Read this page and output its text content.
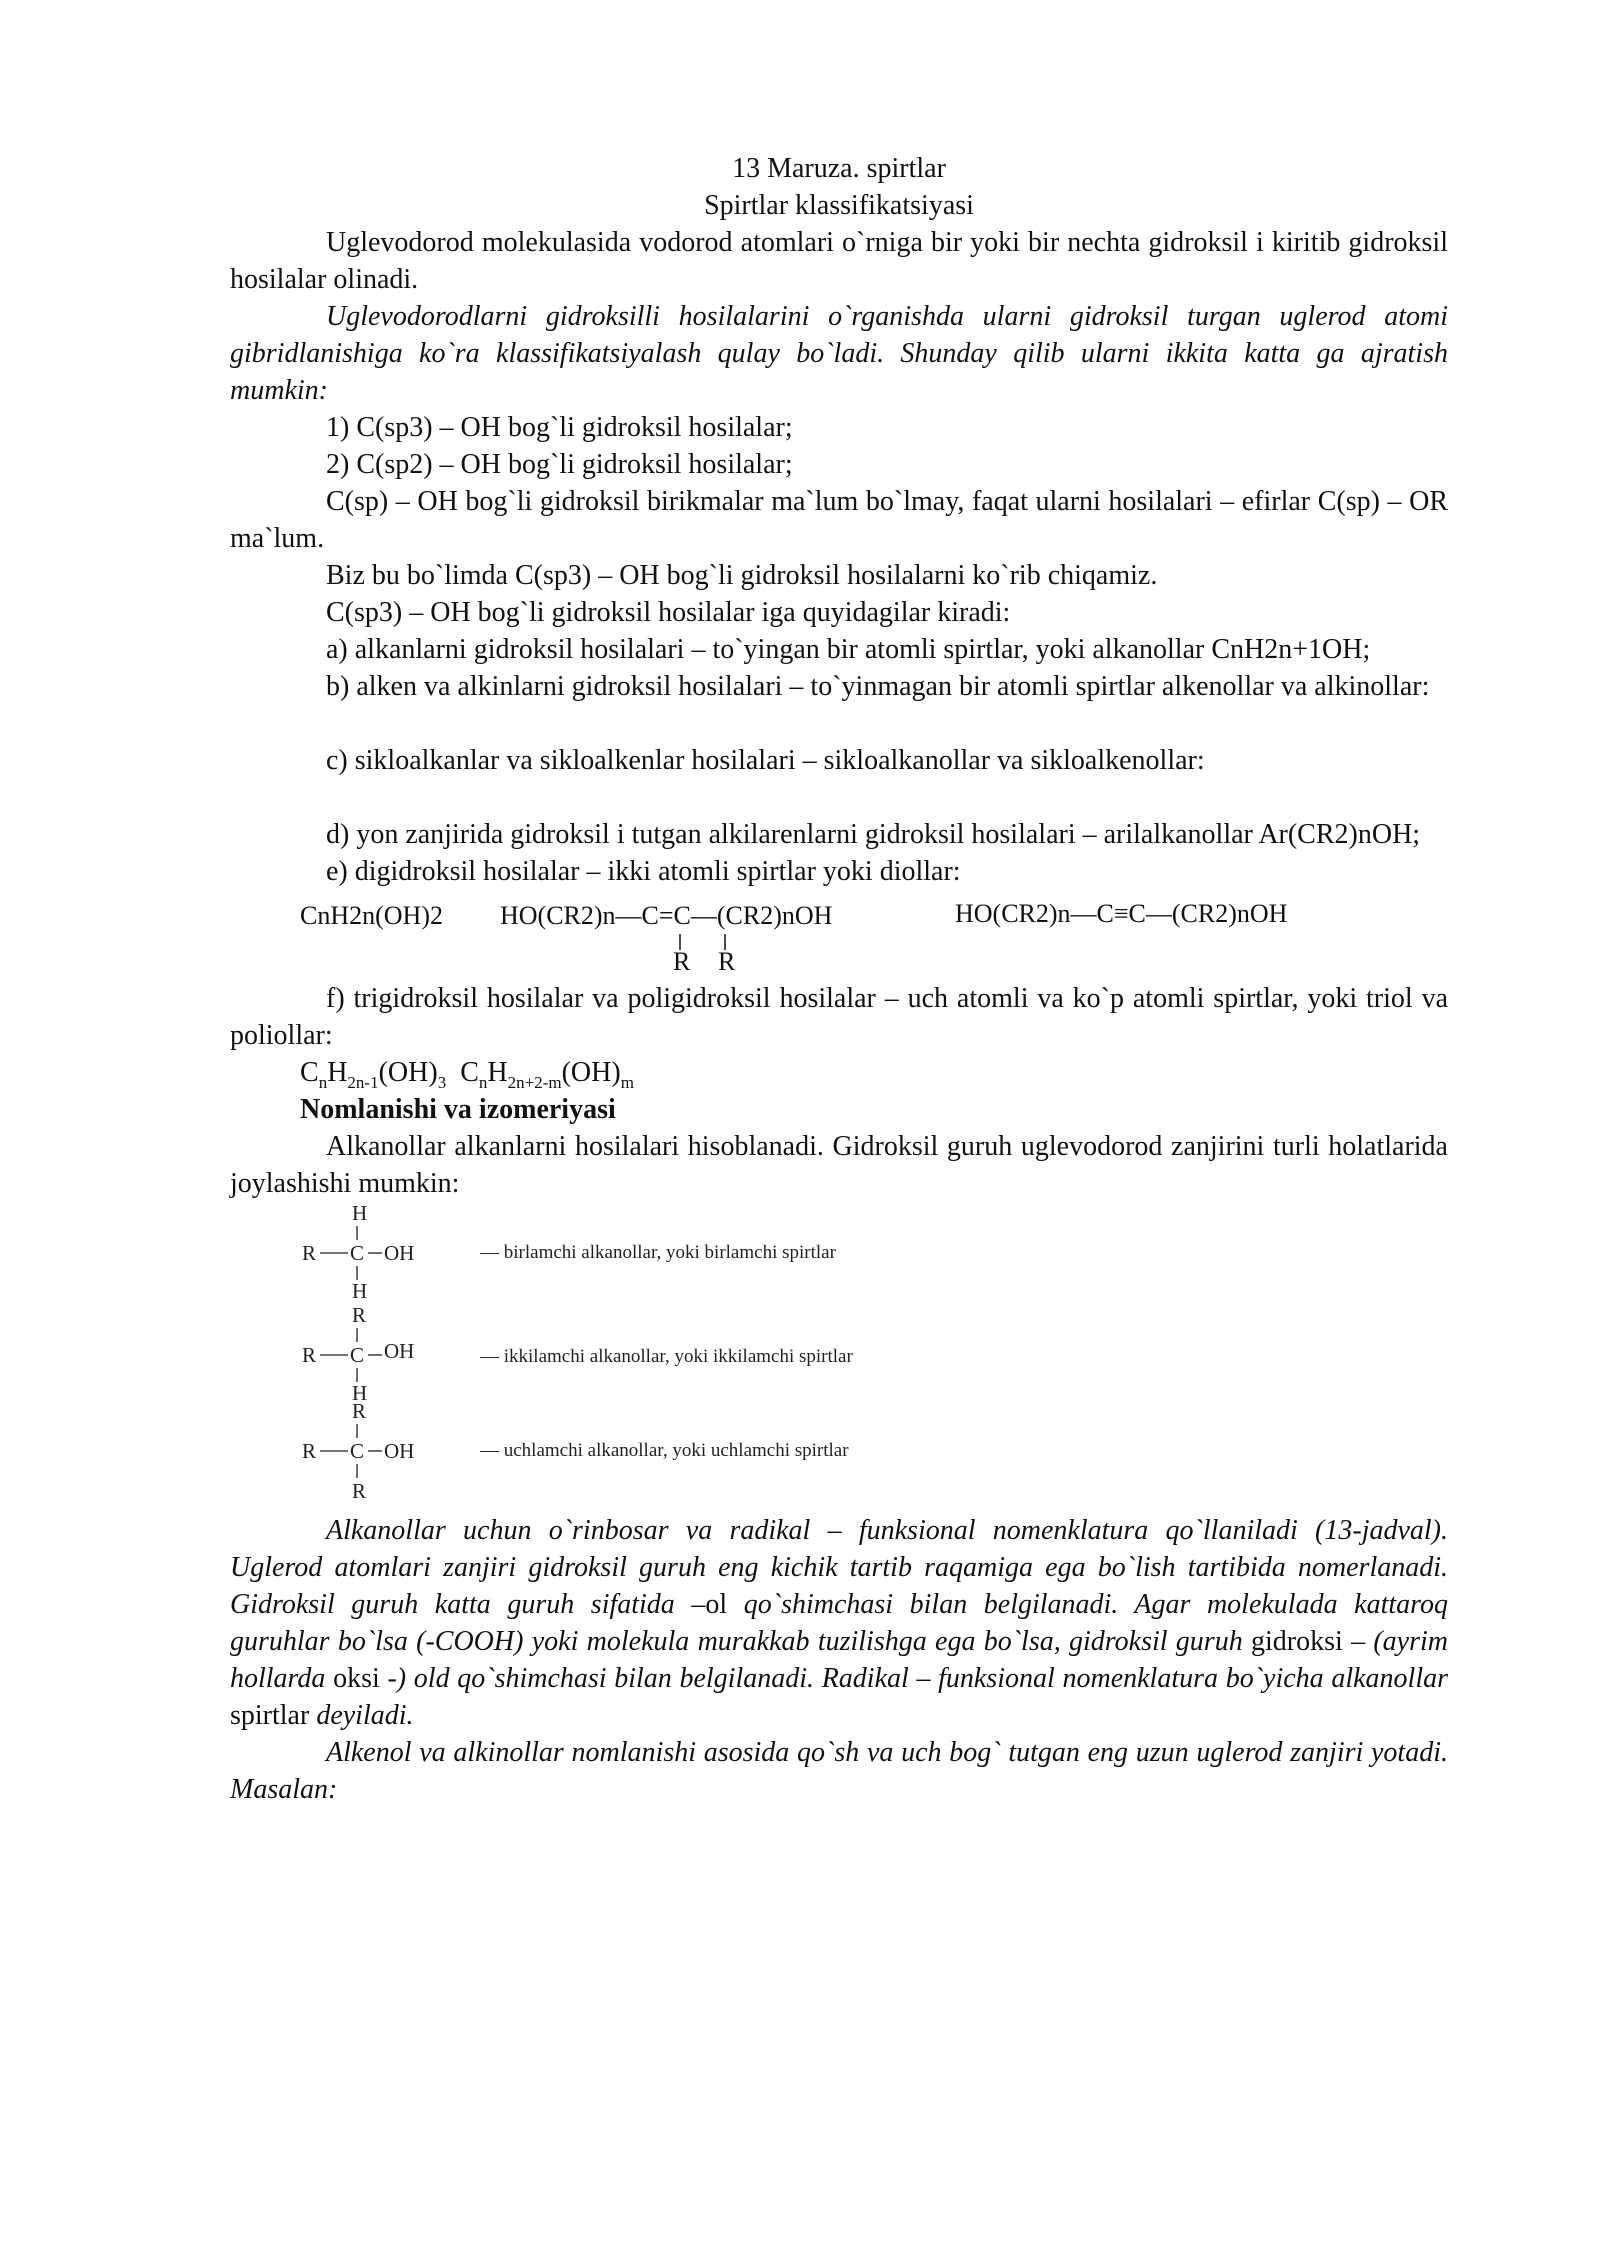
13 Maruza. spirtlar
Spirtlar klassifikatsiyasi

Uglevodorod molekulasida vodorod atomlari o`rniga bir yoki bir nechta gidroksil i kiritib gidroksil hosilalar olinadi.

Uglevodorodlarni gidroksilli hosilalarini o`rganishda ularni gidroksil turgan uglerod atomi gibridlanishiga ko`ra klassifikatsiyalash qulay bo`ladi. Shunday qilib ularni ikkita katta ga ajratish mumkin:

1) C(sp3) – OH bog`li gidroksil hosilalar;

2) C(sp2) – OH bog`li gidroksil hosilalar;

C(sp) – OH bog`li gidroksil birikmalar ma`lum bo`lmay, faqat ularni hosilalari – efirlar C(sp) – OR ma`lum.

Biz bu bo`limda C(sp3) – OH bog`li gidroksil hosilalarni ko`rib chiqamiz.

C(sp3) – OH bog`li gidroksil hosilalar iga quyidagilar kiradi:

a) alkanlarni gidroksil hosilalari – to`yingan bir atomli spirtlar, yoki alkanollar CnH2n+1OH;

b) alken va alkinlarni gidroksil hosilalari – to`yinmagan bir atomli spirtlar alkenollar va alkinollar:

c) sikloalkanlar va sikloalkenlar hosilalari – sikloalkanollar va sikloalkenollar:

d) yon zanjirida gidroksil i tutgan alkilarenlarni gidroksil hosilalari – arilalkanollar Ar(CR2)nOH;

e) digidroksil hosilalar – ikki atomli spirtlar yoki diollar:

CnH2n(OH)2 HO(CR2)n—C=C—(CR2)nOH	HO(CR2)n—C≡C—(CR2)nOH
R R

f) trigidroksil hosilalar va poligidroksil hosilalar – uch atomli va ko`p atomli spirtlar, yoki triol va poliollar:

$C_nH_{2n-1}(OH)_3$ $C_nH_{2n+2-m}(OH)_m$

Nomlanishi va izomeriyasi

Alkanollar alkanlarni hosilalari hisoblanadi. Gidroksil guruh uglevodorod zanjirini turli holatlarida joylashishi mumkin:

H
R C OH
H
— birlamchi alkanollar, yoki birlamchi spirtlar
R
R C OH
H
— ikkilamchi alkanollar, yoki ikkilamchi spirtlar
R
R C OH
R
— uchlamchi alkanollar, yoki uchlamchi spirtlar

Alkanollar uchun o`rinbosar va radikal – funksional nomenklatura qo`llaniladi (13-jadval). Uglerod atomlari zanjiri gidroksil guruh eng kichik tartib raqamiga ega bo`lish tartibida nomerlanadi. Gidroksil guruh katta guruh sifatida –ol qo`shimchasi bilan belgilanadi. Agar molekulada kattaroq guruhlar bo`lsa (-COOH) yoki molekula murakkab tuzilishga ega bo`lsa, gidroksil guruh gidroksi – (ayrim hollarda oksi -) old qo`shimchasi bilan belgilanadi. Radikal – funksional nomenklatura bo`yicha alkanollar spirtlar deyiladi.

Alkenol va alkinollar nomlanishi asosida qo`sh va uch bog` tutgan eng uzun uglerod zanjiri yotadi. Masalan:
